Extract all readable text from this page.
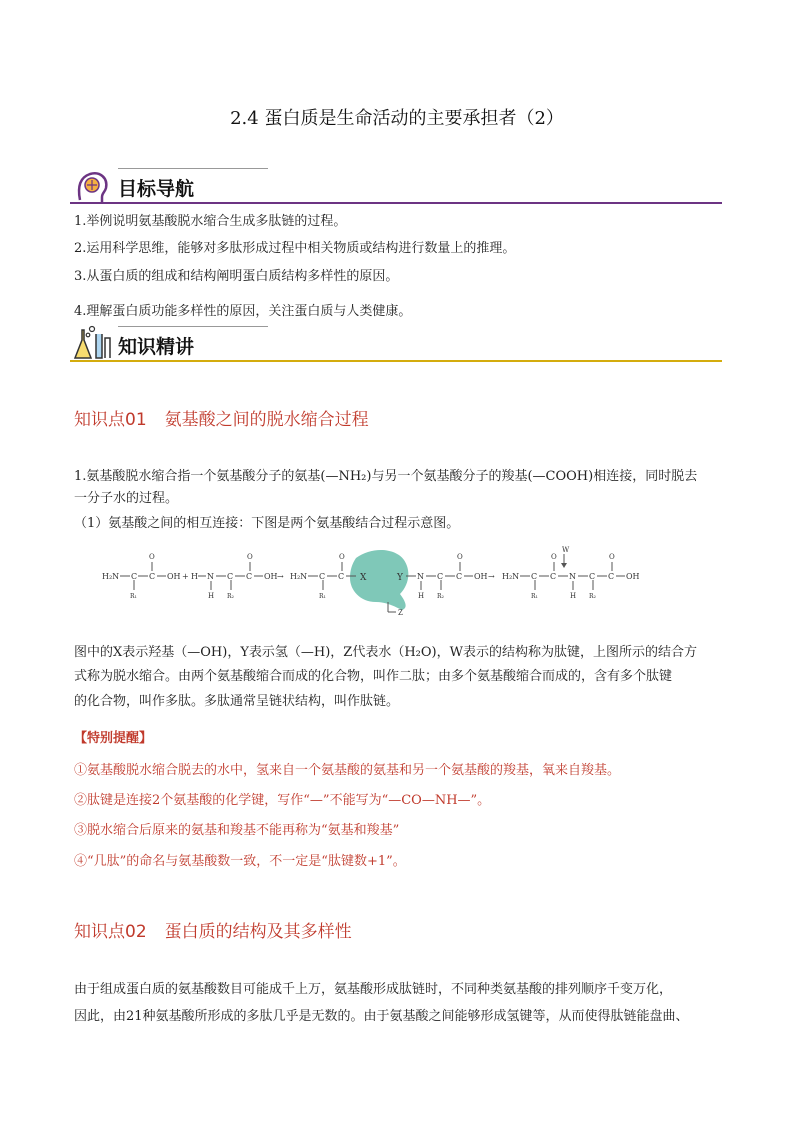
2.4 蛋白质是生命活动的主要承担者（2）
目标导航
1.举例说明氨基酸脱水缩合生成多肽链的过程。
2.运用科学思维，能够对多肽形成过程中相关物质或结构进行数量上的推理。
3.从蛋白质的组成和结构阐明蛋白质结构多样性的原因。
4.理解蛋白质功能多样性的原因，关注蛋白质与人类健康。
知识精讲
知识点01 氨基酸之间的脱水缩合过程
1.氨基酸脱水缩合指一个氨基酸分子的氨基(—NH₂)与另一个氨基酸分子的羧基(—COOH)相连接，同时脱去
一分子水的过程。
（1）氨基酸之间的相互连接：下图是两个氨基酸结合过程示意图。
H₂N C
R₁
C
O
OH + H N
H
C
R₂
C
O
OH → H₂N C
R₁
C
O
X	Y
Z
N
H
C
R₂
C
O
OH → H₂N C
R₁
C
O
N
W
H
C
R₂
C
O
OH
图中的X表示羟基（—OH)，Y表示氢（—H)，Z代表水（H₂O)，W表示的结构称为肽键，上图所示的结合方
式称为脱水缩合。由两个氨基酸缩合而成的化合物，叫作二肽；由多个氨基酸缩合而成的，含有多个肽键
的化合物，叫作多肽。多肽通常呈链状结构，叫作肽链。
【特别提醒】
①氨基酸脱水缩合脱去的水中，氢来自一个氨基酸的氨基和另一个氨基酸的羧基，氧来自羧基。
②肽键是连接2个氨基酸的化学键，写作“—”不能写为“—CO—NH—”。
③脱水缩合后原来的氨基和羧基不能再称为“氨基和羧基”
④“几肽”的命名与氨基酸数一致，不一定是“肽键数+1”。
知识点02 蛋白质的结构及其多样性
由于组成蛋白质的氨基酸数目可能成千上万，氨基酸形成肽链时，不同种类氨基酸的排列顺序千变万化，
因此，由21种氨基酸所形成的多肽几乎是无数的。由于氨基酸之间能够形成氢键等，从而使得肽链能盘曲、
